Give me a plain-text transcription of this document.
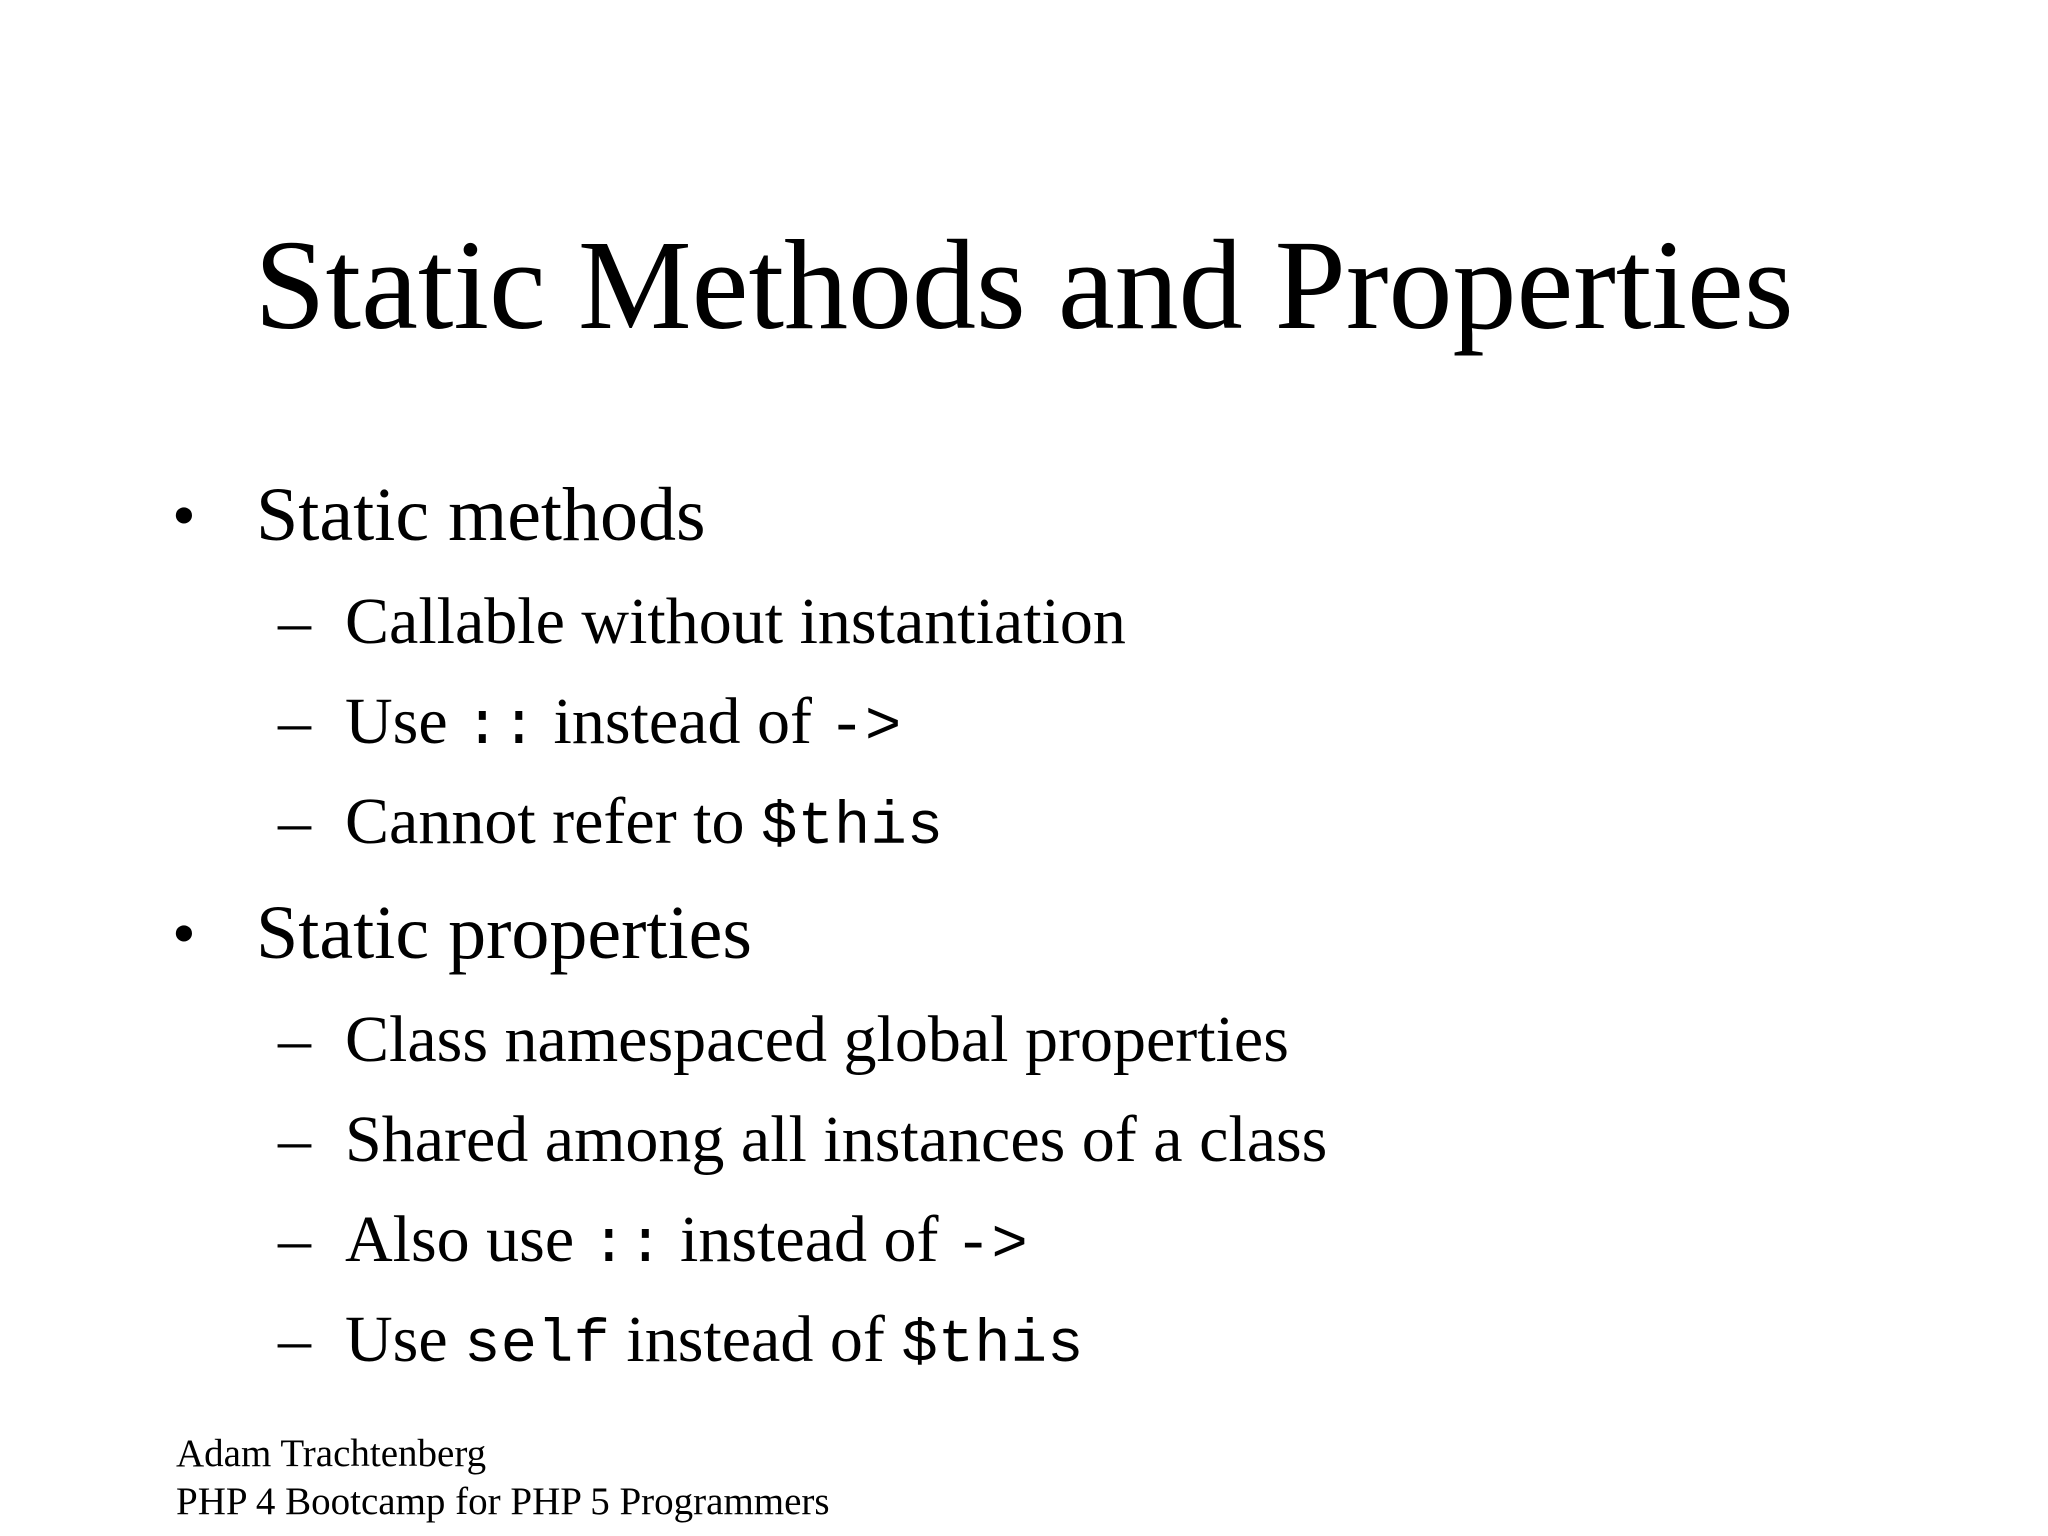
Static Methods and Properties
• Static methods
– Callable without instantiation
– Use :: instead of ->
– Cannot refer to $this
• Static properties
– Class namespaced global properties
– Shared among all instances of a class
– Also use :: instead of ->
– Use self instead of $this
Adam Trachtenberg
PHP 4 Bootcamp for PHP 5 Programmers
